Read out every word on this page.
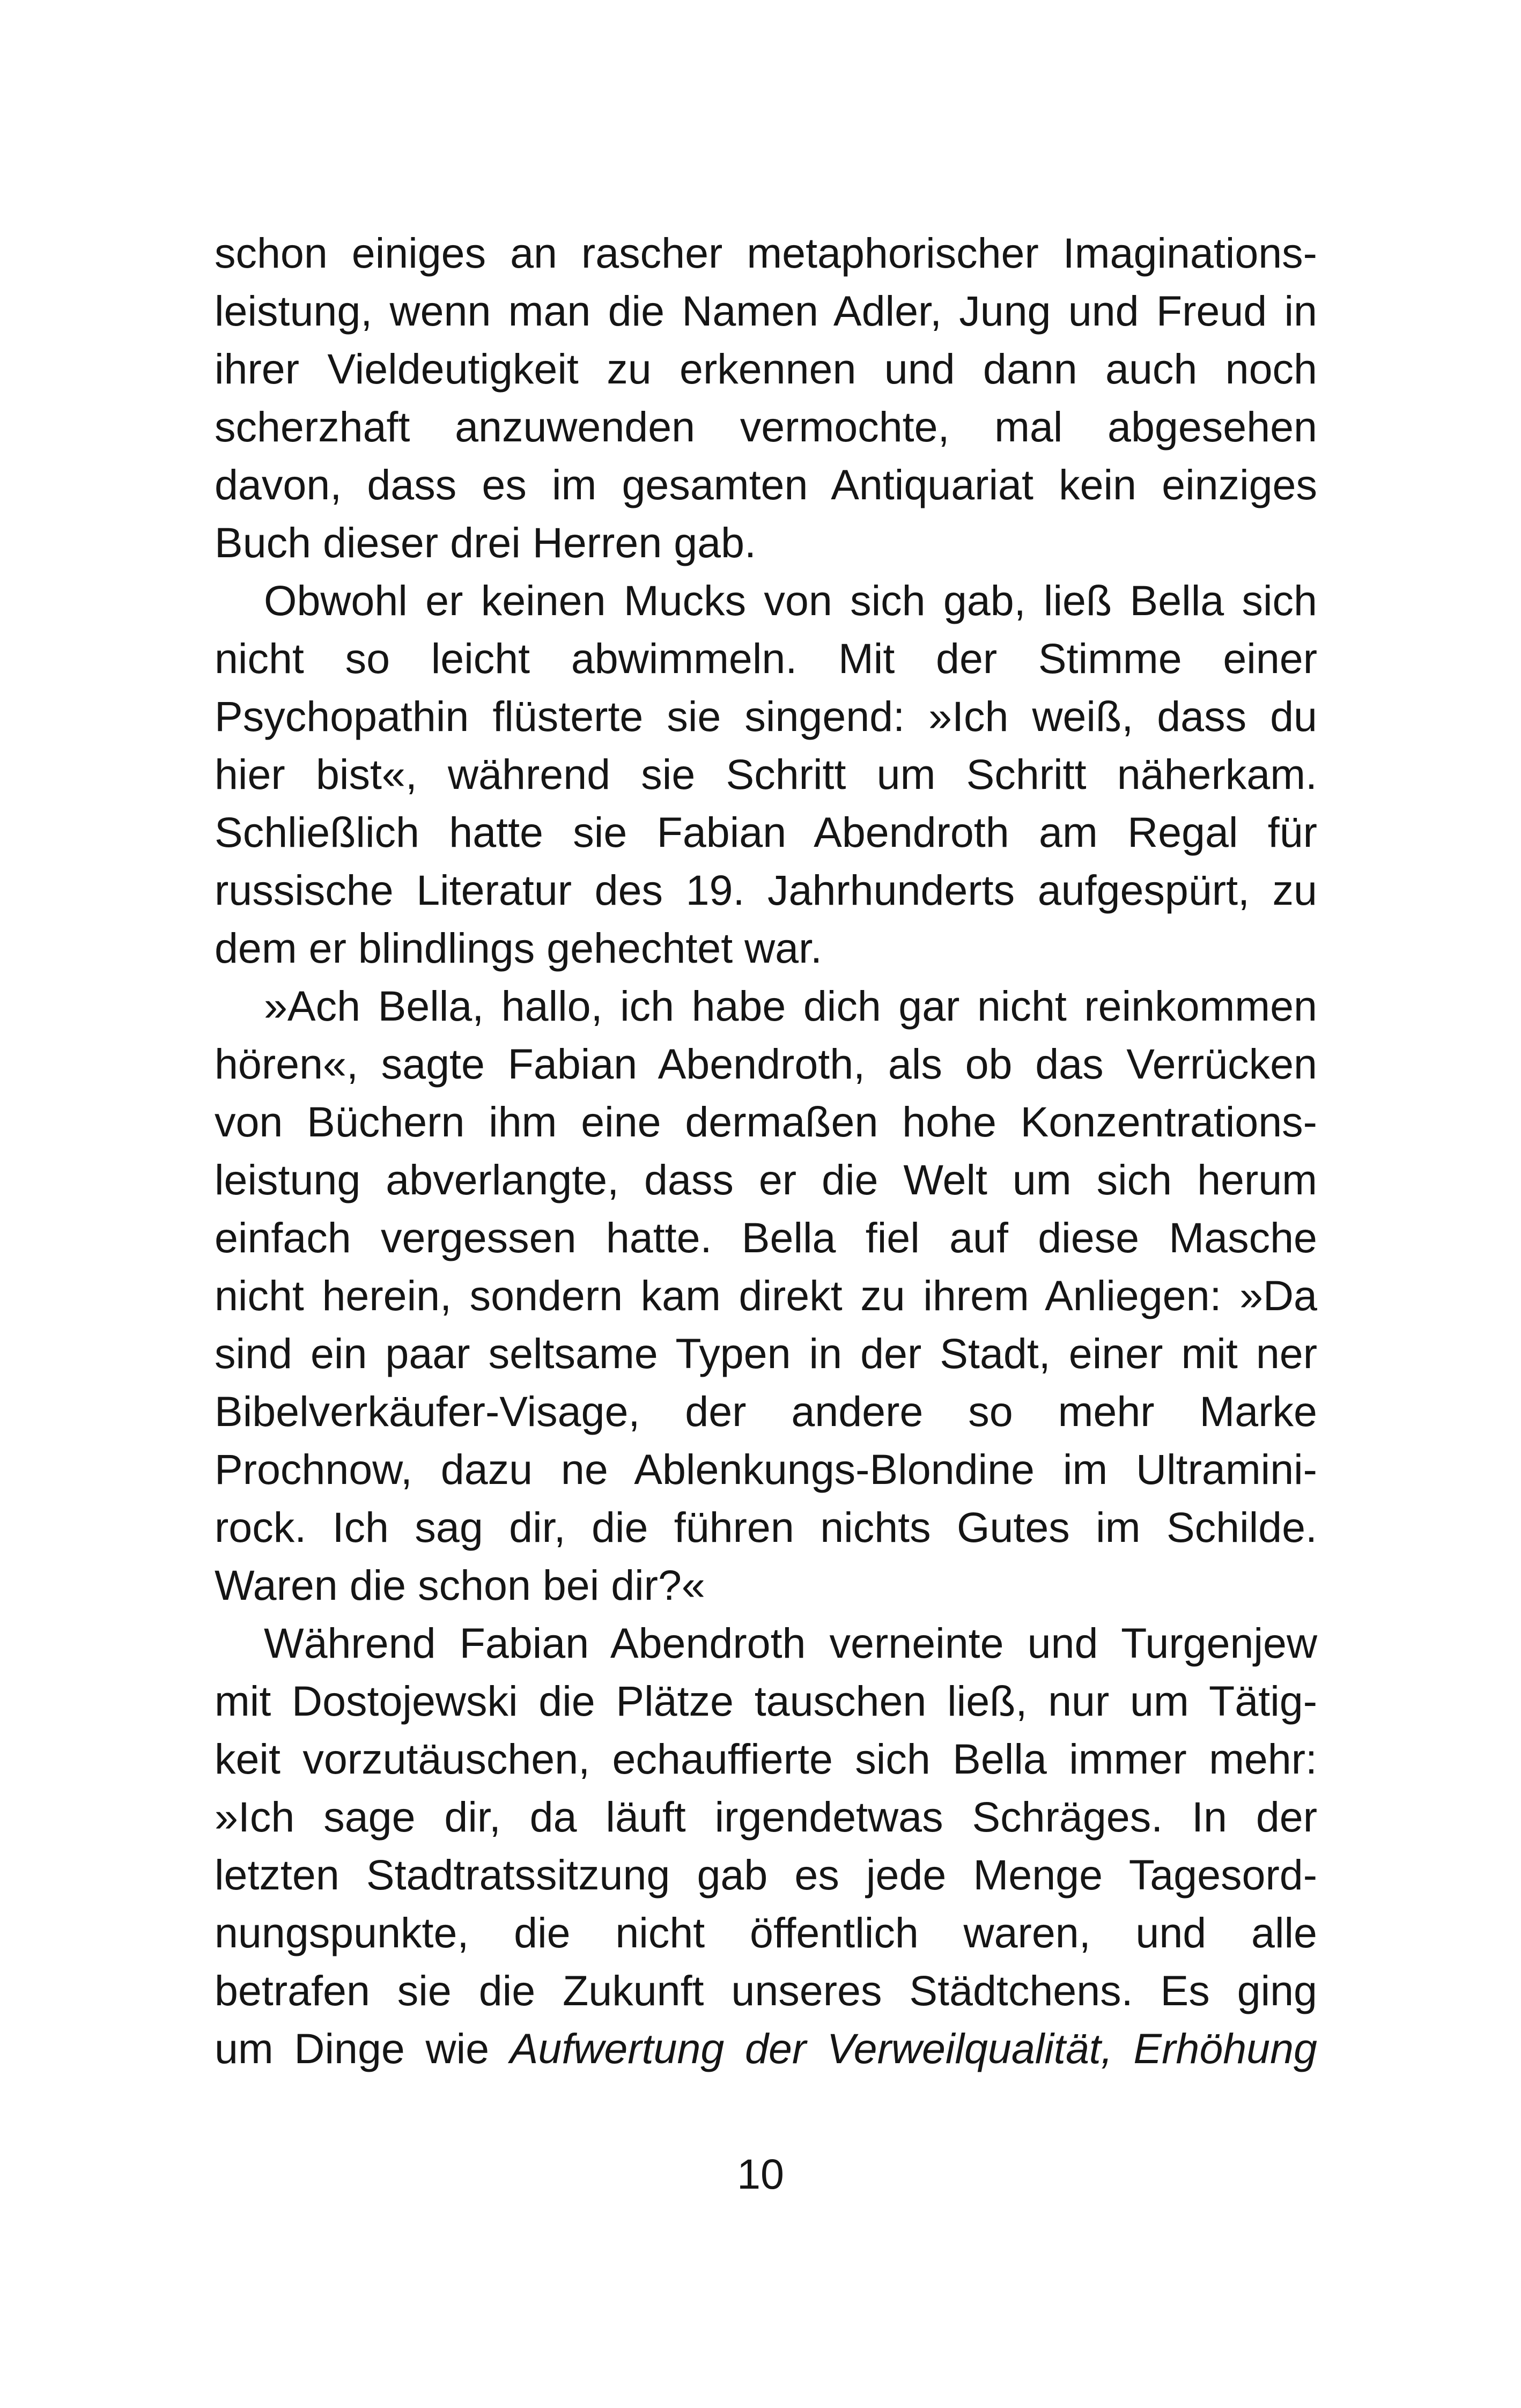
schon einiges an rascher metaphorischer Imaginations-
leistung, wenn man die Namen Adler, Jung und Freud in
ihrer Vieldeutigkeit zu erkennen und dann auch noch
scherzhaft anzuwenden vermochte, mal abgesehen
davon, dass es im gesamten Antiquariat kein einziges
Buch dieser drei Herren gab.
Obwohl er keinen Mucks von sich gab, ließ Bella sich
nicht so leicht abwimmeln. Mit der Stimme einer
Psychopathin flüsterte sie singend: »Ich weiß, dass du
hier bist«, während sie Schritt um Schritt näherkam.
Schließlich hatte sie Fabian Abendroth am Regal für
russische Literatur des 19. Jahrhunderts aufgespürt, zu
dem er blindlings gehechtet war.
»Ach Bella, hallo, ich habe dich gar nicht reinkommen
hören«, sagte Fabian Abendroth, als ob das Verrücken
von Büchern ihm eine dermaßen hohe Konzentrations-
leistung abverlangte, dass er die Welt um sich herum
einfach vergessen hatte. Bella fiel auf diese Masche
nicht herein, sondern kam direkt zu ihrem Anliegen: »Da
sind ein paar seltsame Typen in der Stadt, einer mit ner
Bibelverkäufer-Visage, der andere so mehr Marke
Prochnow, dazu ne Ablenkungs-Blondine im Ultramini-
rock. Ich sag dir, die führen nichts Gutes im Schilde.
Waren die schon bei dir?«
Während Fabian Abendroth verneinte und Turgenjew
mit Dostojewski die Plätze tauschen ließ, nur um Tätig-
keit vorzutäuschen, echauffierte sich Bella immer mehr:
»Ich sage dir, da läuft irgendetwas Schräges. In der
letzten Stadtratssitzung gab es jede Menge Tagesord-
nungspunkte, die nicht öffentlich waren, und alle
betrafen sie die Zukunft unseres Städtchens. Es ging
um Dinge wie Aufwertung der Verweilqualität, Erhöhung
10
